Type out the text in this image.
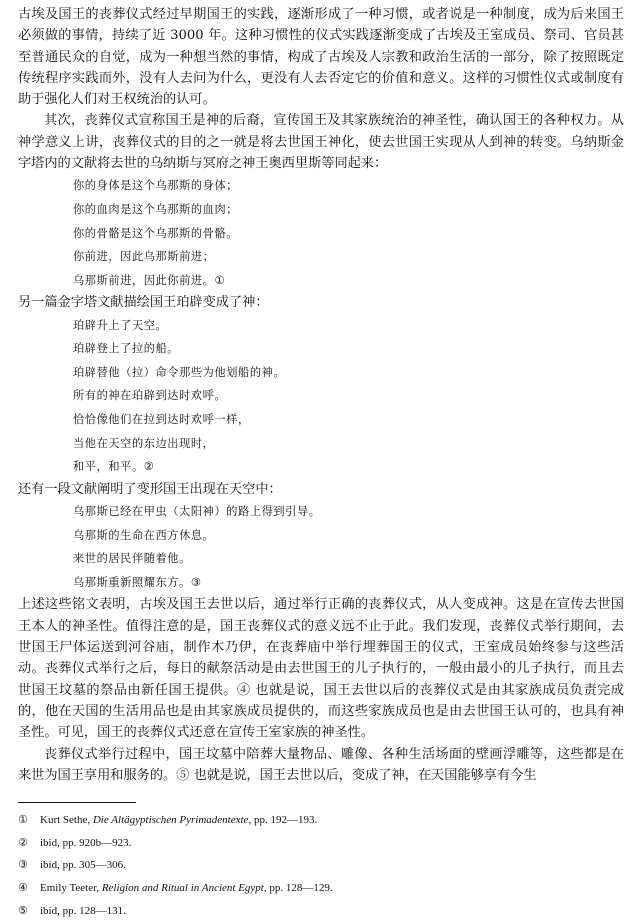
古埃及国王的丧葬仪式经过早期国王的实践，逐渐形成了一种习惯，或者说是一种制度，成为后来国王必须做的事情，持续了近 3000 年。这种习惯性的仪式实践逐渐变成了古埃及王室成员、祭司、官员甚至普通民众的自觉，成为一种想当然的事情，构成了古埃及人宗教和政治生活的一部分，除了按照既定传统程序实践而外，没有人去问为什么，更没有人去否定它的价值和意义。这样的习惯性仪式或制度有助于强化人们对王权统治的认可。

其次，丧葬仪式宣称国王是神的后裔，宣传国王及其家族统治的神圣性，确认国王的各种权力。从神学意义上讲，丧葬仪式的目的之一就是将去世国王神化，使去世国王实现从人到神的转变。乌纳斯金字塔内的文献将去世的乌纳斯与冥府之神王奥西里斯等同起来：

你的身体是这个乌那斯的身体；
你的血肉是这个乌那斯的血肉；
你的骨骼是这个乌那斯的骨骼。
你前进，因此乌那斯前进；
乌那斯前进，因此你前进。①

另一篇金字塔文献描绘国王珀辟变成了神：

珀辟升上了天空。
珀辟登上了拉的船。
珀辟替他（拉）命令那些为他划船的神。
所有的神在珀辟到达时欢呼。
恰恰像他们在拉到达时欢呼一样，
当他在天空的东边出现时，
和平，和平。②

还有一段文献阐明了变形国王出现在天空中：

乌那斯已经在甲虫（太阳神）的路上得到引导。
乌那斯的生命在西方休息。
来世的居民伴随着他。
乌那斯重新照耀东方。③

上述这些铭文表明，古埃及国王去世以后，通过举行正确的丧葬仪式，从人变成神。这是在宣传去世国王本人的神圣性。值得注意的是，国王丧葬仪式的意义远不止于此。我们发现，丧葬仪式举行期间，去世国王尸体运送到河谷庙，制作木乃伊，在丧葬庙中举行埋葬国王的仪式，王室成员始终参与这些活动。丧葬仪式举行之后，每日的献祭活动是由去世国王的儿子执行的，一般由最小的儿子执行，而且去世国王坟墓的祭品由新任国王提供。④ 也就是说，国王去世以后的丧葬仪式是由其家族成员负责完成的，他在天国的生活用品也是由其家族成员提供的，而这些家族成员也是由去世国王认可的，也具有神圣性。可见，国王的丧葬仪式还意在宣传王室家族的神圣性。

丧葬仪式举行过程中，国王坟墓中陪葬大量物品、雕像、各种生活场面的壁画浮雕等，这些都是在来世为国王享用和服务的。⑤ 也就是说，国王去世以后，变成了神，在天国能够享有今生

① Kurt Sethe, Die Altägyptischen Pyrimadentexte, pp. 192—193.

② ibid, pp. 920b—923.

③ ibid, pp. 305—306.

④ Emily Teeter, Religion and Ritual in Ancient Egypt, pp. 128—129.

⑤ ibid, pp. 128—131.
